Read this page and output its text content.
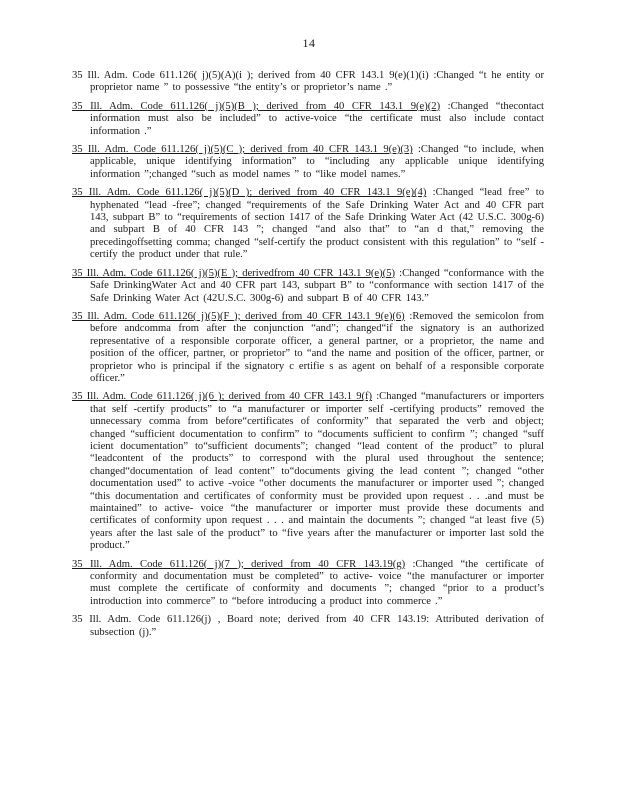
14

35 Ill. Adm. Code 611.126( j)(5)(A)(i ); derived from 40 CFR 143.1 9(e)(1)(i) :Changed “t he entity or proprietor name ” to possessive “the entity’s or proprietor’s name .”

35 Ill. Adm. Code 611.126( j)(5)(B ); derived from 40 CFR 143.1 9(e)(2) :Changed “thecontact information must also be included” to active-voice “the certificate must also include contact information .”

35 Ill. Adm. Code 611.126( j)(5)(C ); derived from 40 CFR 143.1 9(e)(3) :Changed “to include, when applicable, unique identifying information” to “including any applicable unique identifying information ”;changed “such as model names ” to “like model names.”

35 Ill. Adm. Code 611.126( j)(5)(D ); derived from 40 CFR 143.1 9(e)(4) :Changed “lead free” to hyphenated “lead -free”; changed “requirements of the Safe Drinking Water Act and 40 CFR part 143, subpart B” to “requirements of section 1417 of the Safe Drinking Water Act (42 U.S.C. 300g-6) and subpart B of 40 CFR 143 ”; changed “and also that” to “an d that,” removing the precedingoffsetting comma; changed “self-certify the product consistent with this regulation” to “self -certify the product under that rule.”

35 Ill. Adm. Code 611.126( j)(5)(E ); derivedfrom 40 CFR 143.1 9(e)(5) :Changed “conformance with the Safe DrinkingWater Act and 40 CFR part 143, subpart B” to “conformance with section 1417 of the Safe Drinking Water Act (42U.S.C. 300g-6) and subpart B of 40 CFR 143.”

35 Ill. Adm. Code 611.126( j)(5)(F ); derived from 40 CFR 143.1 9(e)(6) :Removed the semicolon from before andcomma from after the conjunction “and”; changed“if the signatory is an authorized representative of a responsible corporate officer, a general partner, or a proprietor, the name and position of the officer, partner, or proprietor” to “and the name and position of the officer, partner, or proprietor who is principal if the signatory c ertifie s as agent on behalf of a responsible corporate officer.”

35 Ill. Adm. Code 611.126( j)(6 ); derived from 40 CFR 143.1 9(f) :Changed “manufacturers or importers that self -certify products” to “a manufacturer or importer self -certifying products” removed the unnecessary comma from before“certificates of conformity” that separated the verb and object; changed “sufficient documentation to confirm” to “documents sufficient to confirm ”; changed “suff icient documentation” to“sufficient documents”; changed “lead content of the product” to plural “leadcontent of the products” to correspond with the plural used throughout the sentence; changed“documentation of lead content” to“documents giving the lead content ”; changed “other documentation used” to active -voice “other documents the manufacturer or importer used ”; changed “this documentation and certificates of conformity must be provided upon request . . .and must be maintained” to active- voice “the manufacturer or importer must provide these documents and certificates of conformity upon request . . . and maintain the documents ”; changed “at least five (5) years after the last sale of the product” to “five years after the manufacturer or importer last sold the product.”

35 Ill. Adm. Code 611.126( j)(7 ); derived from 40 CFR 143.19(g) :Changed “the certificate of conformity and documentation must be completed” to active- voice “the manufacturer or importer must complete the certificate of conformity and documents ”; changed “prior to a product’s introduction into commerce” to “before introducing a product into commerce .”

35 Ill. Adm. Code 611.126(j) , Board note; derived from 40 CFR 143.19: Attributed derivation of subsection (j).”
